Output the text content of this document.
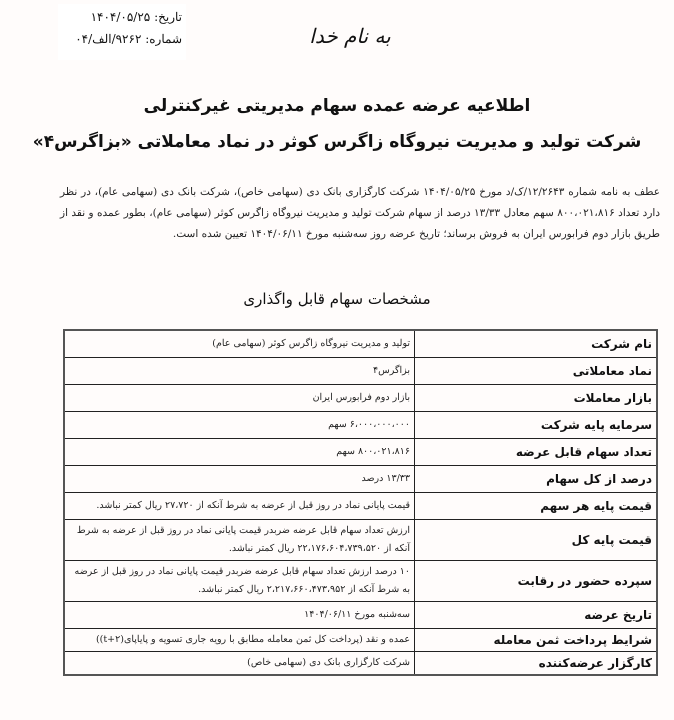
تاریخ: ۱۴۰۴/۰۵/۲۵
شماره: ۹۲۶۲/الف/۰۴	به نام خدا
اطلاعیه عرضه عمده سهام مدیریتی غیرکنترلی
شرکت تولید و مدیریت نیروگاه زاگرس کوثر در نماد معاملاتی «بزاگرس۴»
عطف به نامه شماره ۱۲/۲۶۴۳/ک/د مورخ ۱۴۰۴/۰۵/۲۵ شرکت کارگزاری بانک دی (سهامی خاص)، شرکت بانک دی (سهامی عام)، در نظر دارد تعداد ۸۰۰،۰۲۱،۸۱۶ سهم معادل ۱۳/۳۳ درصد از سهام شرکت تولید و مدیریت نیروگاه زاگرس کوثر (سهامی عام)، بطور عمده و نقد از طریق بازار دوم فرابورس ایران به فروش برساند؛ تاریخ عرضه روز سه‌شنبه مورخ ۱۴۰۴/۰۶/۱۱ تعیین شده است.
مشخصات سهام قابل واگذاری
نام شرکت	تولید و مدیریت نیروگاه زاگرس کوثر (سهامی عام)
نماد معاملاتی	بزاگرس۴
بازار معاملات	بازار دوم فرابورس ایران
سرمایه پایه شرکت	۶،۰۰۰،۰۰۰،۰۰۰ سهم
تعداد سهام قابل عرضه	۸۰۰،۰۲۱،۸۱۶ سهم
درصد از کل سهام	۱۳/۳۳ درصد
قیمت پایه هر سهم	قیمت پایانی نماد در روز قبل از عرضه به شرط آنکه از ۲۷،۷۲۰ ریال کمتر نباشد.
قیمت پایه کل	ارزش تعداد سهام قابل عرضه ضربدر قیمت پایانی نماد در روز قبل از عرضه به شرط آنکه از ۲۲،۱۷۶،۶۰۴،۷۳۹،۵۲۰ ریال کمتر نباشد.
سپرده حضور در رقابت	۱۰ درصد ارزش تعداد سهام قابل عرضه ضربدر قیمت پایانی نماد در روز قبل از عرضه به شرط آنکه از ۲،۲۱۷،۶۶۰،۴۷۳،۹۵۲ ریال کمتر نباشد.
تاریخ عرضه	سه‌شنبه مورخ ۱۴۰۴/۰۶/۱۱
شرایط پرداخت ثمن معامله	عمده و نقد (پرداخت کل ثمن معامله مطابق با رویه جاری تسویه و پایاپای(t+۲))
کارگزار عرضه‌کننده	شرکت کارگزاری بانک دی (سهامی خاص)
